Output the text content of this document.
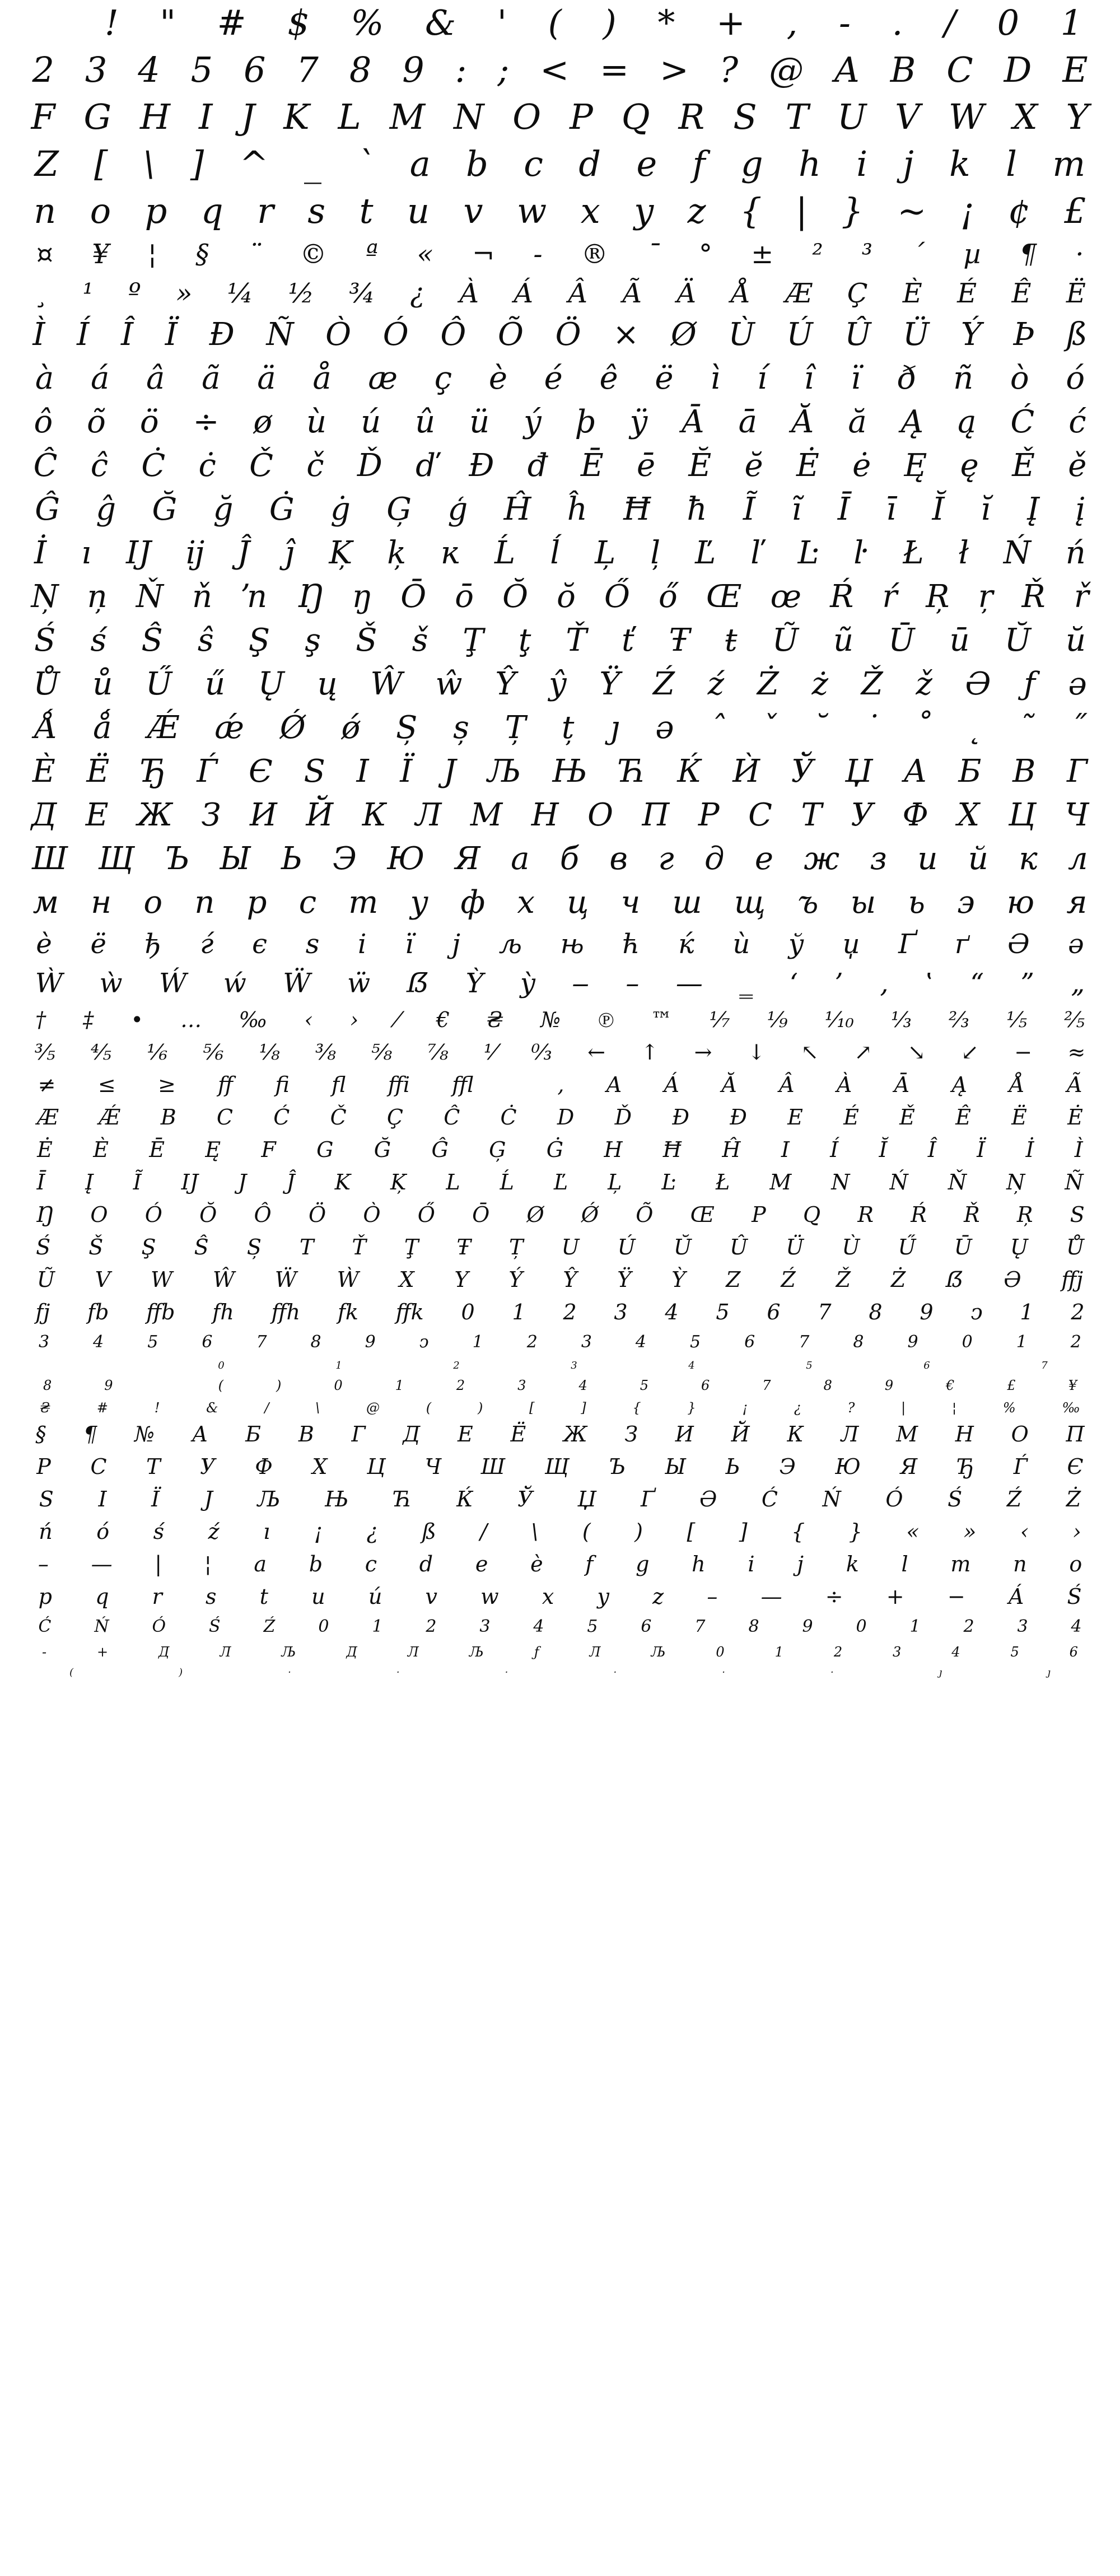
!	"	#	$	%	&	'	(	)	*	+	,	-	.	/	0	1
2 3 4 5 6 7 8 9 : ; < = > ? @ A B C D E
F G H I J K L M N O P Q R S T U V W X Y
Z	[	\	]	^	_	`	a	b	c	d	e	f	g	h	i	j	k	l	m
n o p q r s t u v w x y z { | } ~ ¡ ¢ £
¤	¥	¦	§	¨	©	ª	«	¬	-	®	¯	°	±	²	³	´	µ	¶	·
¸	¹	º	»	¼	½	¾	¿	À	Á	Â	Ã	Ä	Å	Æ	Ç	È	É	Ê	Ë
Ì	Í	Î	Ï	Ð	Ñ	Ò	Ó	Ô	Õ	Ö	×	Ø	Ù	Ú	Û	Ü	Ý	Þ	ß
à	á	â	ã	ä	å	æ	ç	è	é	ê	ë	ì	í	î	ï	ð	ñ	ò	ó
ô	õ	ö	÷	ø	ù	ú	û	ü	ý	þ	ÿ	Ā	ā	Ă	ă	Ą	ą	Ć	ć
Ĉ	ĉ	Ċ	ċ	Č	č	Ď	ď	Đ	đ	Ē	ē	Ĕ	ĕ	Ė	ė	Ę	ę	Ě	ě
Ĝ	ĝ	Ğ	ğ	Ġ	ġ	Ģ	ģ	Ĥ	ĥ	Ħ	ħ	Ĩ	ĩ	Ī	ī	Ĭ	ĭ	Į	į
İ	ı	Ĳ	ĳ	Ĵ	ĵ	Ķ	ķ	ĸ	Ĺ	ĺ	Ļ	ļ	Ľ	ľ	Ŀ	ŀ	Ł	ł	Ń	ń
Ņ ņ Ň ň ŉ Ŋ ŋ Ō ō Ŏ ŏ Ő ő Œ œ Ŕ ŕ Ŗ ŗ Ř ř
Ś	ś	Ŝ	ŝ	Ş	ş	Š	š	Ţ	ţ	Ť	ť	Ŧ	ŧ	Ũ	ũ	Ū	ū	Ŭ	ŭ
Ů	ů	Ű	ű	Ų	ų	Ŵ	ŵ	Ŷ	ŷ	Ÿ	Ź	ź	Ż	ż	Ž	ž	Ə	ƒ	ə
Ǻ	ǻ	Ǽ	ǽ	Ǿ	ǿ	Ș	ș	Ț	ț	ȷ	ə	ˆ	ˇ	˘	˙	˚	˛	˜	˝
Ѐ Ё Ђ Ѓ Є Ѕ І Ї Ј Љ Њ Ћ Ќ Ѝ Ў Џ А Б В Г
Д Е Ж З И Й К Л М Н О П Р С Т У Ф Х Ц Ч
Ш Щ Ъ Ы Ь Э Ю Я а б в г д е ж з и й к л
м	н	о	п	р	с	т	у	ф	х	ц	ч	ш	щ	ъ	ы	ь	э	ю	я
ѐ	ё	ђ	ѓ	є	ѕ	і	ї	ј	љ	њ	ћ	ќ	ѝ	ў	џ	Ґ	ґ	Ә	ә
Ẁ	ẁ	Ẃ	ẃ	Ẅ	ẅ	ẞ	Ỳ	ỳ	‒	–	—	‗	‘	’	‚	‛	“	”	„
†	‡	•	…	‰	‹	›	⁄	€	₴	№	℗	™	⅐	⅑	⅒	⅓	⅔	⅕	⅖
⅗	⅘	⅙	⅚	⅛	⅜	⅝	⅞	⅟	↉	←	↑	→	↓	↖	↗	↘	↙	−	≈
≠	≤	≥	ff	fi	fl	ffi	ffl	,	A	Á	Ă	Â	À	Ā	Ą	Å	Ã
Æ	Ǽ	B	C	Ć	Č	Ç	Ĉ	Ċ	D	Ď	Đ	Ð	E	É	Ě	Ê	Ë	Ė
Ė	È	Ē	Ę	F	G	Ğ	Ĝ	Ģ	Ġ	H	Ħ	Ĥ	I	Í	Ĭ	Î	Ï	İ	Ì
Ī	Į	Ĩ	Ĳ	J	Ĵ	K	Ķ	L	Ĺ	Ľ	Ļ	Ŀ	Ł	M	N	Ń	Ň	Ņ	Ñ
Ŋ	O	Ó	Ŏ	Ô	Ö	Ò	Ő	Ō	Ø	Ǿ	Õ	Œ	P	Q	R	Ŕ	Ř	Ŗ	S
Ś	Š	Ş	Ŝ	Ș	T	Ť	Ţ	Ŧ	Ț	U	Ú	Ŭ	Û	Ü	Ù	Ű	Ū	Ų	Ů
Ũ	V	W	Ŵ	Ẅ	Ẁ	X	Y	Ý	Ŷ	Ÿ	Ỳ	Z	Ź	Ž	Ż	ẞ	Ə	ffj
fj	fb	ffb	fh	ffh	fk	ffk	0	1	2	3	4	5	6	7	8	9	ↄ	1	2
3	4	5	6	7	8	9	ↄ	1	2	3	4	5	6	7	8	9	0	1	2
0	1	2	3	4	5	6	7
8	9	(	)	0	1	2	3	4	5	6	7	8	9	€	£	¥
₴	#	!	&	/	\	@	(	)	[	]	{	}	¡	¿	?	|	¦	%	‰
§	¶	№	А	Б	В	Г	Д	Е	Ё	Ж	З	И	Й	К	Л	М	Н	О	П
Р	С	Т	У	Ф	Х	Ц	Ч	Ш	Щ	Ъ	Ы	Ь	Э	Ю	Я	Ђ	Ѓ	Є
Ѕ	І	Ї	Ј	Љ	Њ	Ћ	Ќ	Ў	Џ	Ґ	Ә	Ć	Ń	Ó	Ś	Ź	Ż
ń	ó	ś	ź	ı	¡	¿	ß	/	\	(	)	[	]	{	}	«	»	‹	›
–	—	|	¦	a	b	c	d	e	è	f	g	h	i	j	k	l	m	n	o
p	q	r	s	t	u	ú	v	w	x	y	z	–	—	÷	+	−	Á	Ś
Ć	Ń	Ó	Ś	Ź	0	1	2	3	4	5	6	7	8	9	0	1	2	3	4
-	+	Д	Л	Љ	Д	Л	Љ	ƒ	Л	Љ	0	1	2	3	4	5	6
(	)	·	·	·	·	·	·	ȷ	ȷ
